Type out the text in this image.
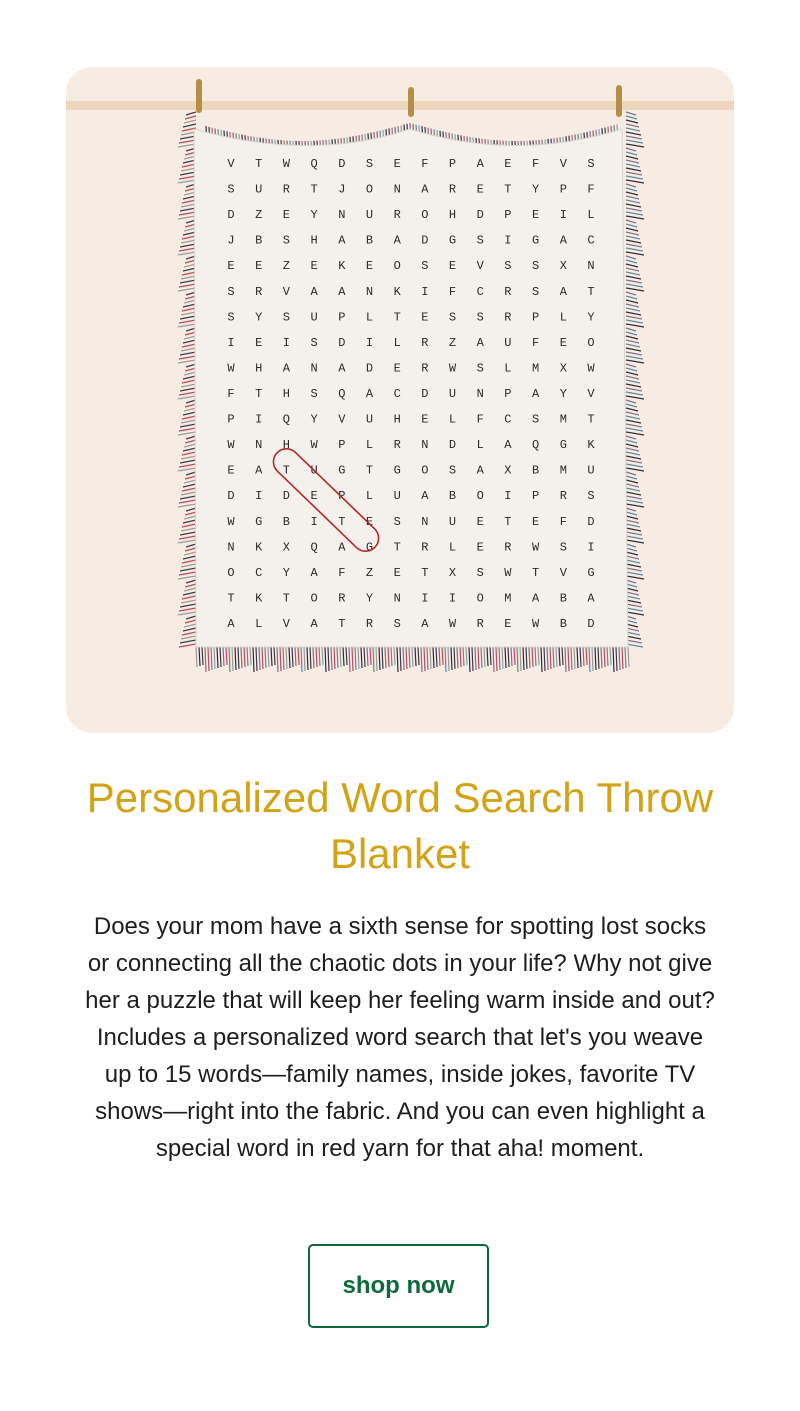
V T W Q D S E F P A E F V S
S U R T J O N A R E T Y P F
D Z E Y N U R O H D P E I L
J B S H A B A D G S I G A C
E E Z E K E O S E V S S X N
S R V A A N K I F C R S A T
S Y S U P L T E S S R P L Y
I E I S D I L R Z A U F E O
W H A N A D E R W S L M X W
F T H S Q A C D U N P A Y V
P I Q Y V U H E L F C S M T
W N H W P L R N D L A Q G K
E A T U G T G O S A X B M U
D I D E P L U A B O I P R S
W G B I T E S N U E T E F D
N K X Q A G T R L E R W S I
O C Y A F Z E T X S W T V G
T K T O R Y N I I O M A B A
A L V A T R S A W R E W B D
Personalized Word Search Throw Blanket

Does your mom have a sixth sense for spotting lost socks or connecting all the chaotic dots in your life? Why not give her a puzzle that will keep her feeling warm inside and out? Includes a personalized word search that let's you weave up to 15 words—family names, inside jokes, favorite TV shows—right into the fabric. And you can even highlight a special word in red yarn for that aha! moment.

shop now
